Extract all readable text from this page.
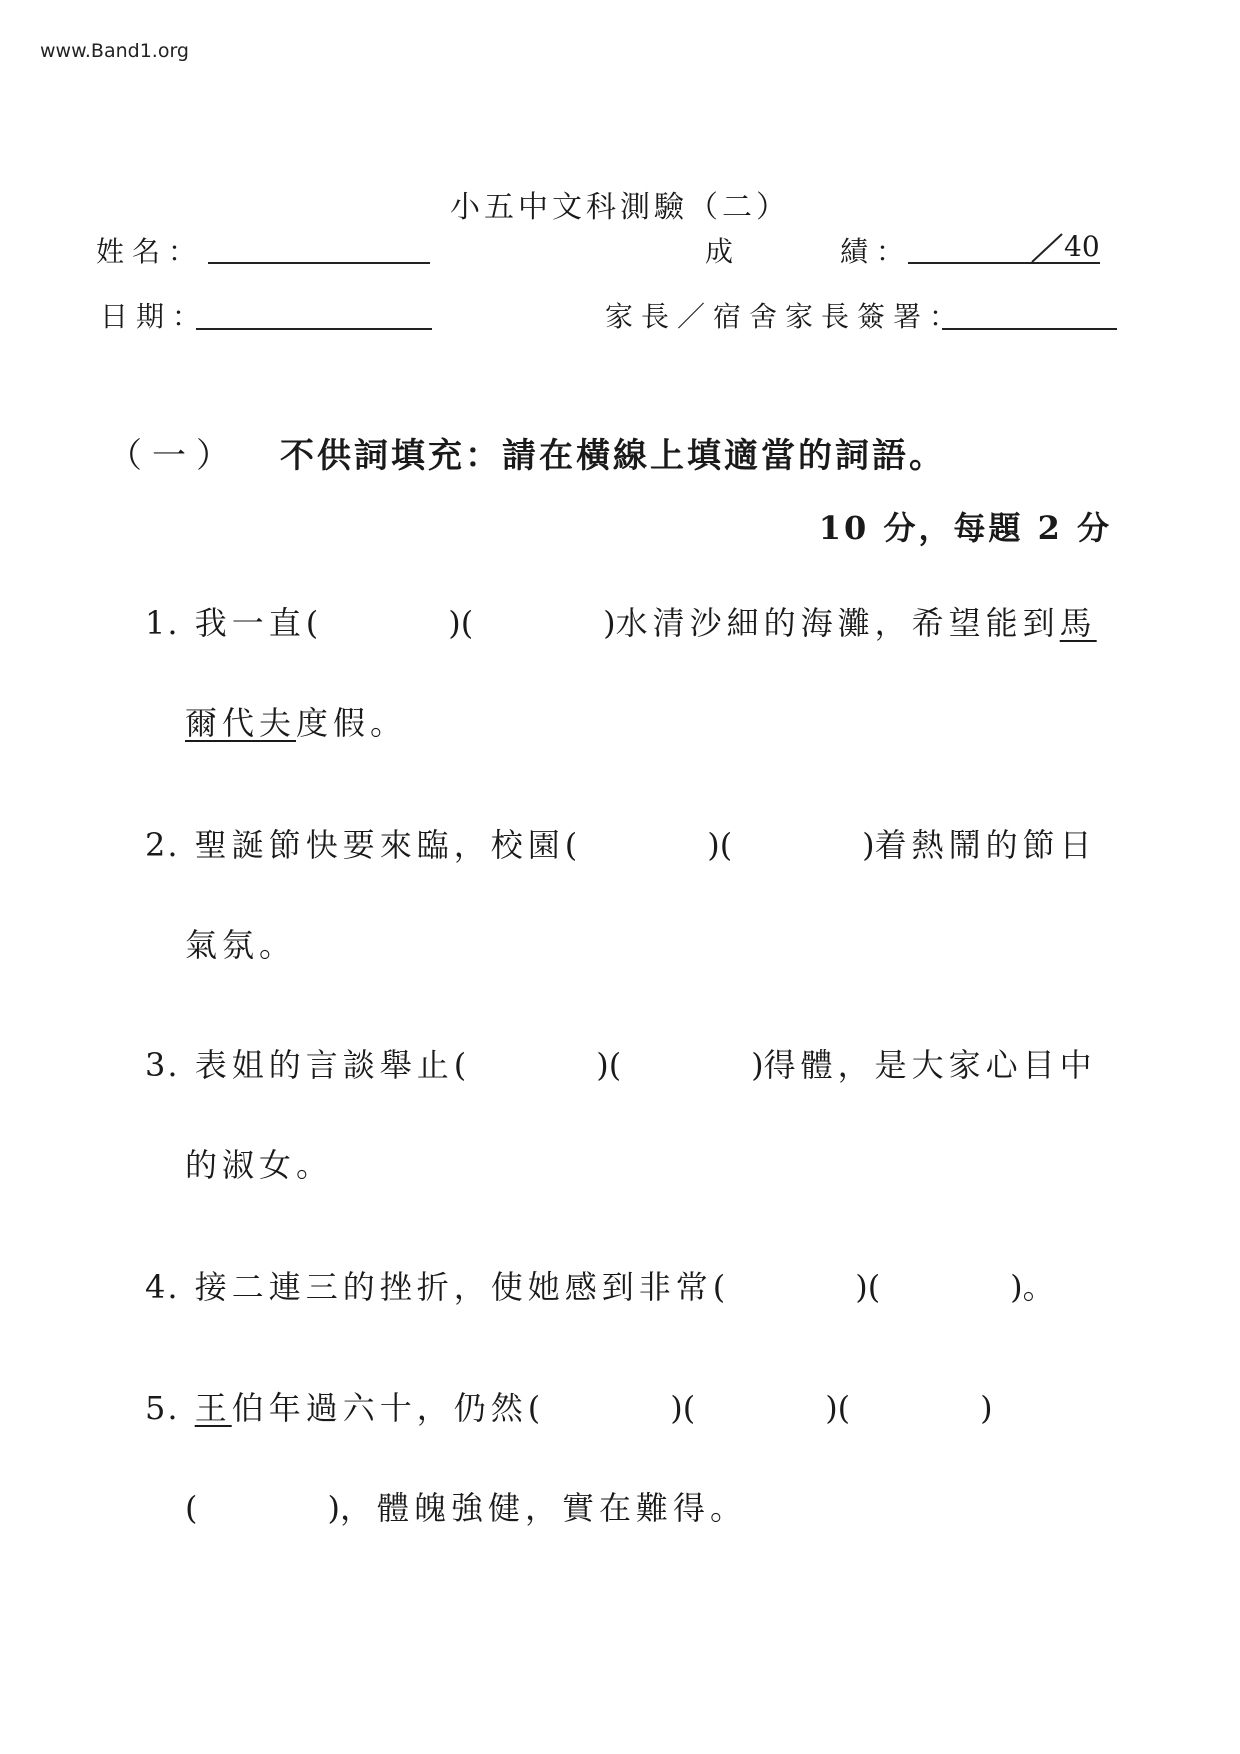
www.Band1.org
小五中文科測驗（二）
姓名：	成	績：	40
日期：	家長／宿舍家長簽署：
（一） 不供詞填充：請在橫線上填適當的詞語。
10 分，每題 2 分
1. 我一直(	)(	)水清沙細的海灘，希望能到馬
爾代夫度假。
2. 聖誕節快要來臨，校園(	)(	)着熱鬧的節日
氣氛。
3. 表姐的言談舉止(	)(	)得體，是大家心目中
的淑女。
4. 接二連三的挫折，使她感到非常(	)(	)。
5. 王伯年過六十，仍然(	)(	)(	)
(	)，體魄強健，實在難得。
